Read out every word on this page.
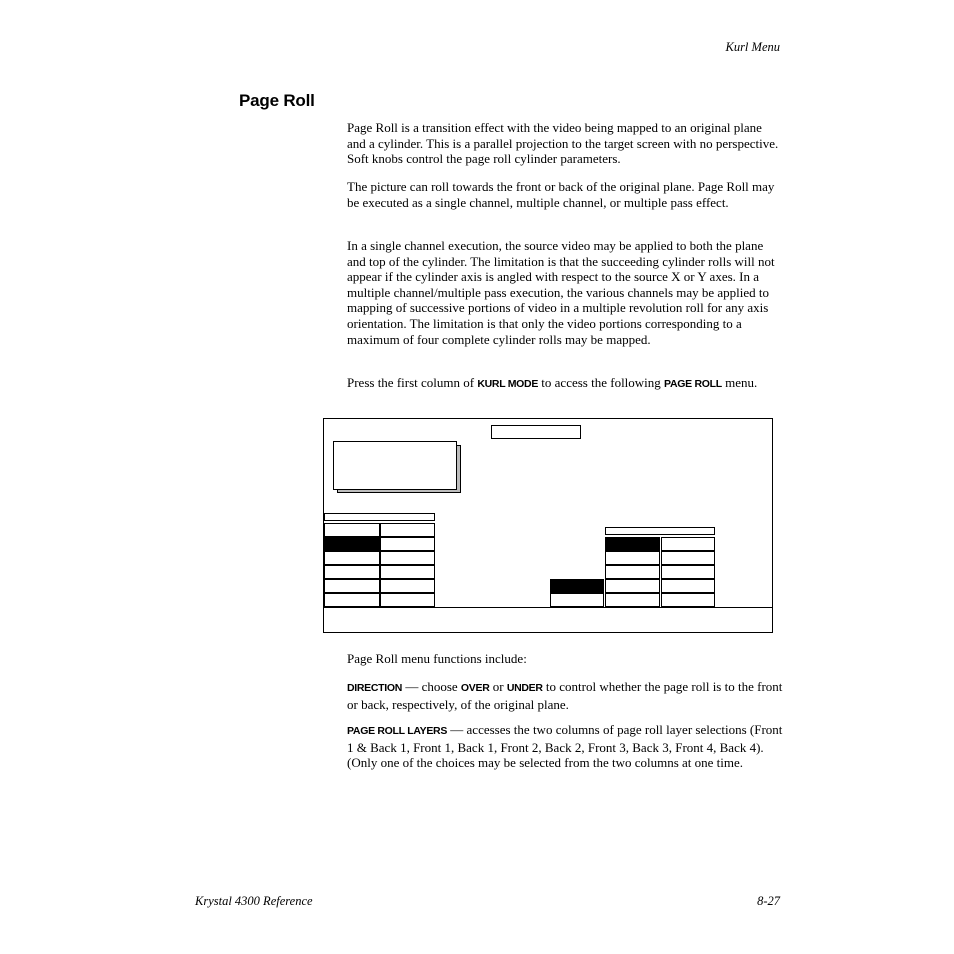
Kurl Menu
Page Roll

Page Roll is a transition effect with the video being mapped to an original plane and a cylinder. This is a parallel projection to the target screen with no perspective. Soft knobs control the page roll cylinder parameters.

The picture can roll towards the front or back of the original plane. Page Roll may be executed as a single channel, multiple channel, or multiple pass effect.

In a single channel execution, the source video may be applied to both the plane and top of the cylinder. The limitation is that the succeeding cylinder rolls will not appear if the cylinder axis is angled with respect to the source X or Y axes. In a multiple channel/multiple pass execution, the various channels may be applied to mapping of successive portions of video in a multiple revolution roll for any axis orientation. The limitation is that only the video portions corresponding to a maximum of four complete cylinder rolls may be mapped.

Press the first column of KURL MODE to access the following PAGE ROLL menu.

Page Roll menu functions include:

DIRECTION — choose OVER or UNDER to control whether the page roll is to the front or back, respectively, of the original plane.

PAGE ROLL LAYERS — accesses the two columns of page roll layer selections (Front 1 & Back 1, Front 1, Back 1, Front 2, Back 2, Front 3, Back 3, Front 4, Back 4). (Only one of the choices may be selected from the two columns at one time.

Krystal 4300 Reference	8-27
